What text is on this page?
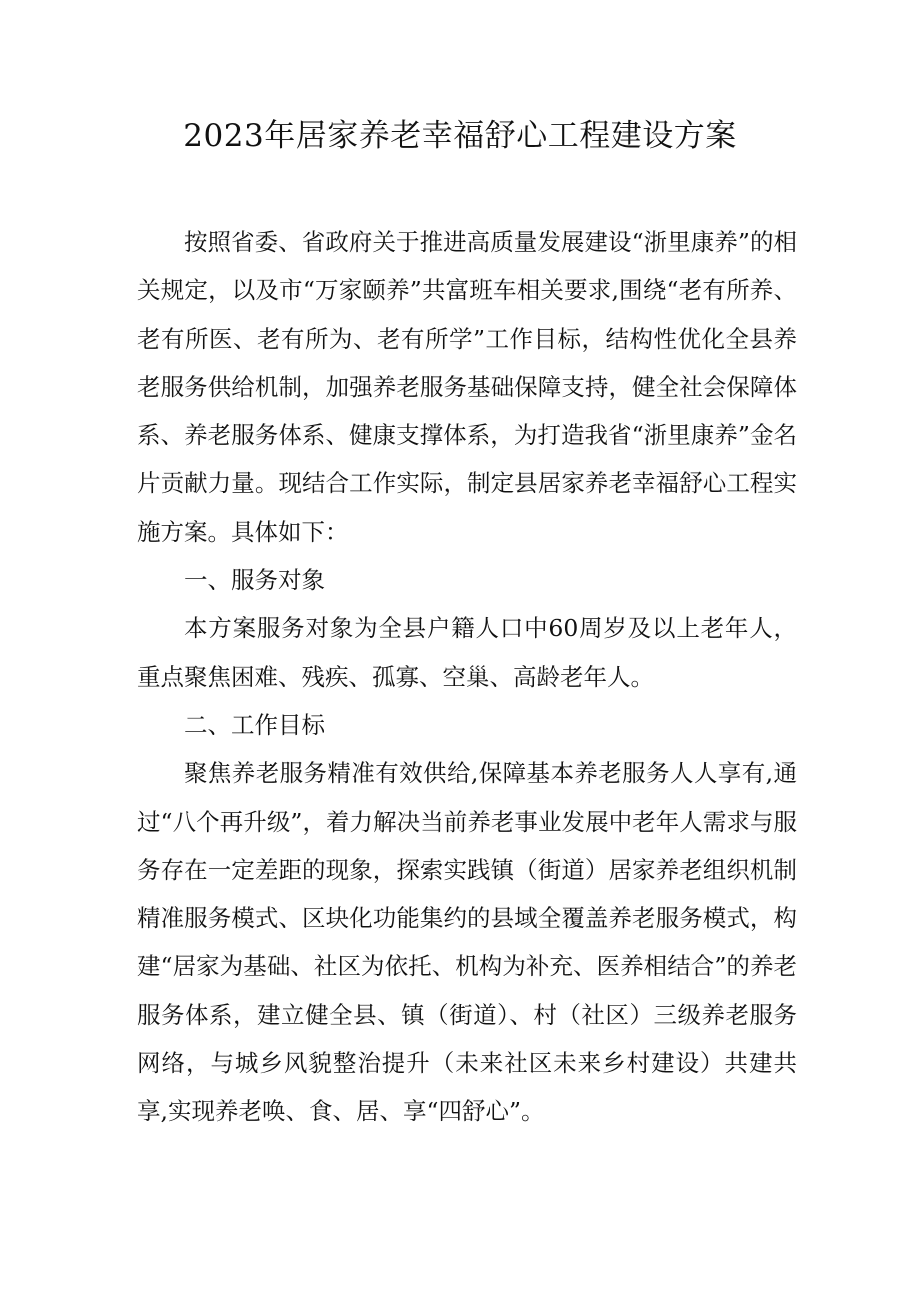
2023年居家养老幸福舒心工程建设方案

按照省委、省政府关于推进高质量发展建设“浙里康养”的相关规定，以及市“万家颐养”共富班车相关要求,围绕“老有所养、老有所医、老有所为、老有所学”工作目标，结构性优化全县养老服务供给机制，加强养老服务基础保障支持，健全社会保障体系、养老服务体系、健康支撑体系，为打造我省“浙里康养”金名片贡献力量。现结合工作实际，制定县居家养老幸福舒心工程实施方案。具体如下：

一、服务对象

本方案服务对象为全县户籍人口中60周岁及以上老年人，重点聚焦困难、残疾、孤寡、空巢、高龄老年人。

二、工作目标

聚焦养老服务精准有效供给,保障基本养老服务人人享有,通过“八个再升级”，着力解决当前养老事业发展中老年人需求与服务存在一定差距的现象，探索实践镇（街道）居家养老组织机制精准服务模式、区块化功能集约的县域全覆盖养老服务模式，构建“居家为基础、社区为依托、机构为补充、医养相结合”的养老服务体系，建立健全县、镇（街道）、村（社区）三级养老服务网络，与城乡风貌整治提升（未来社区未来乡村建设）共建共享,实现养老唤、食、居、享“四舒心”。
